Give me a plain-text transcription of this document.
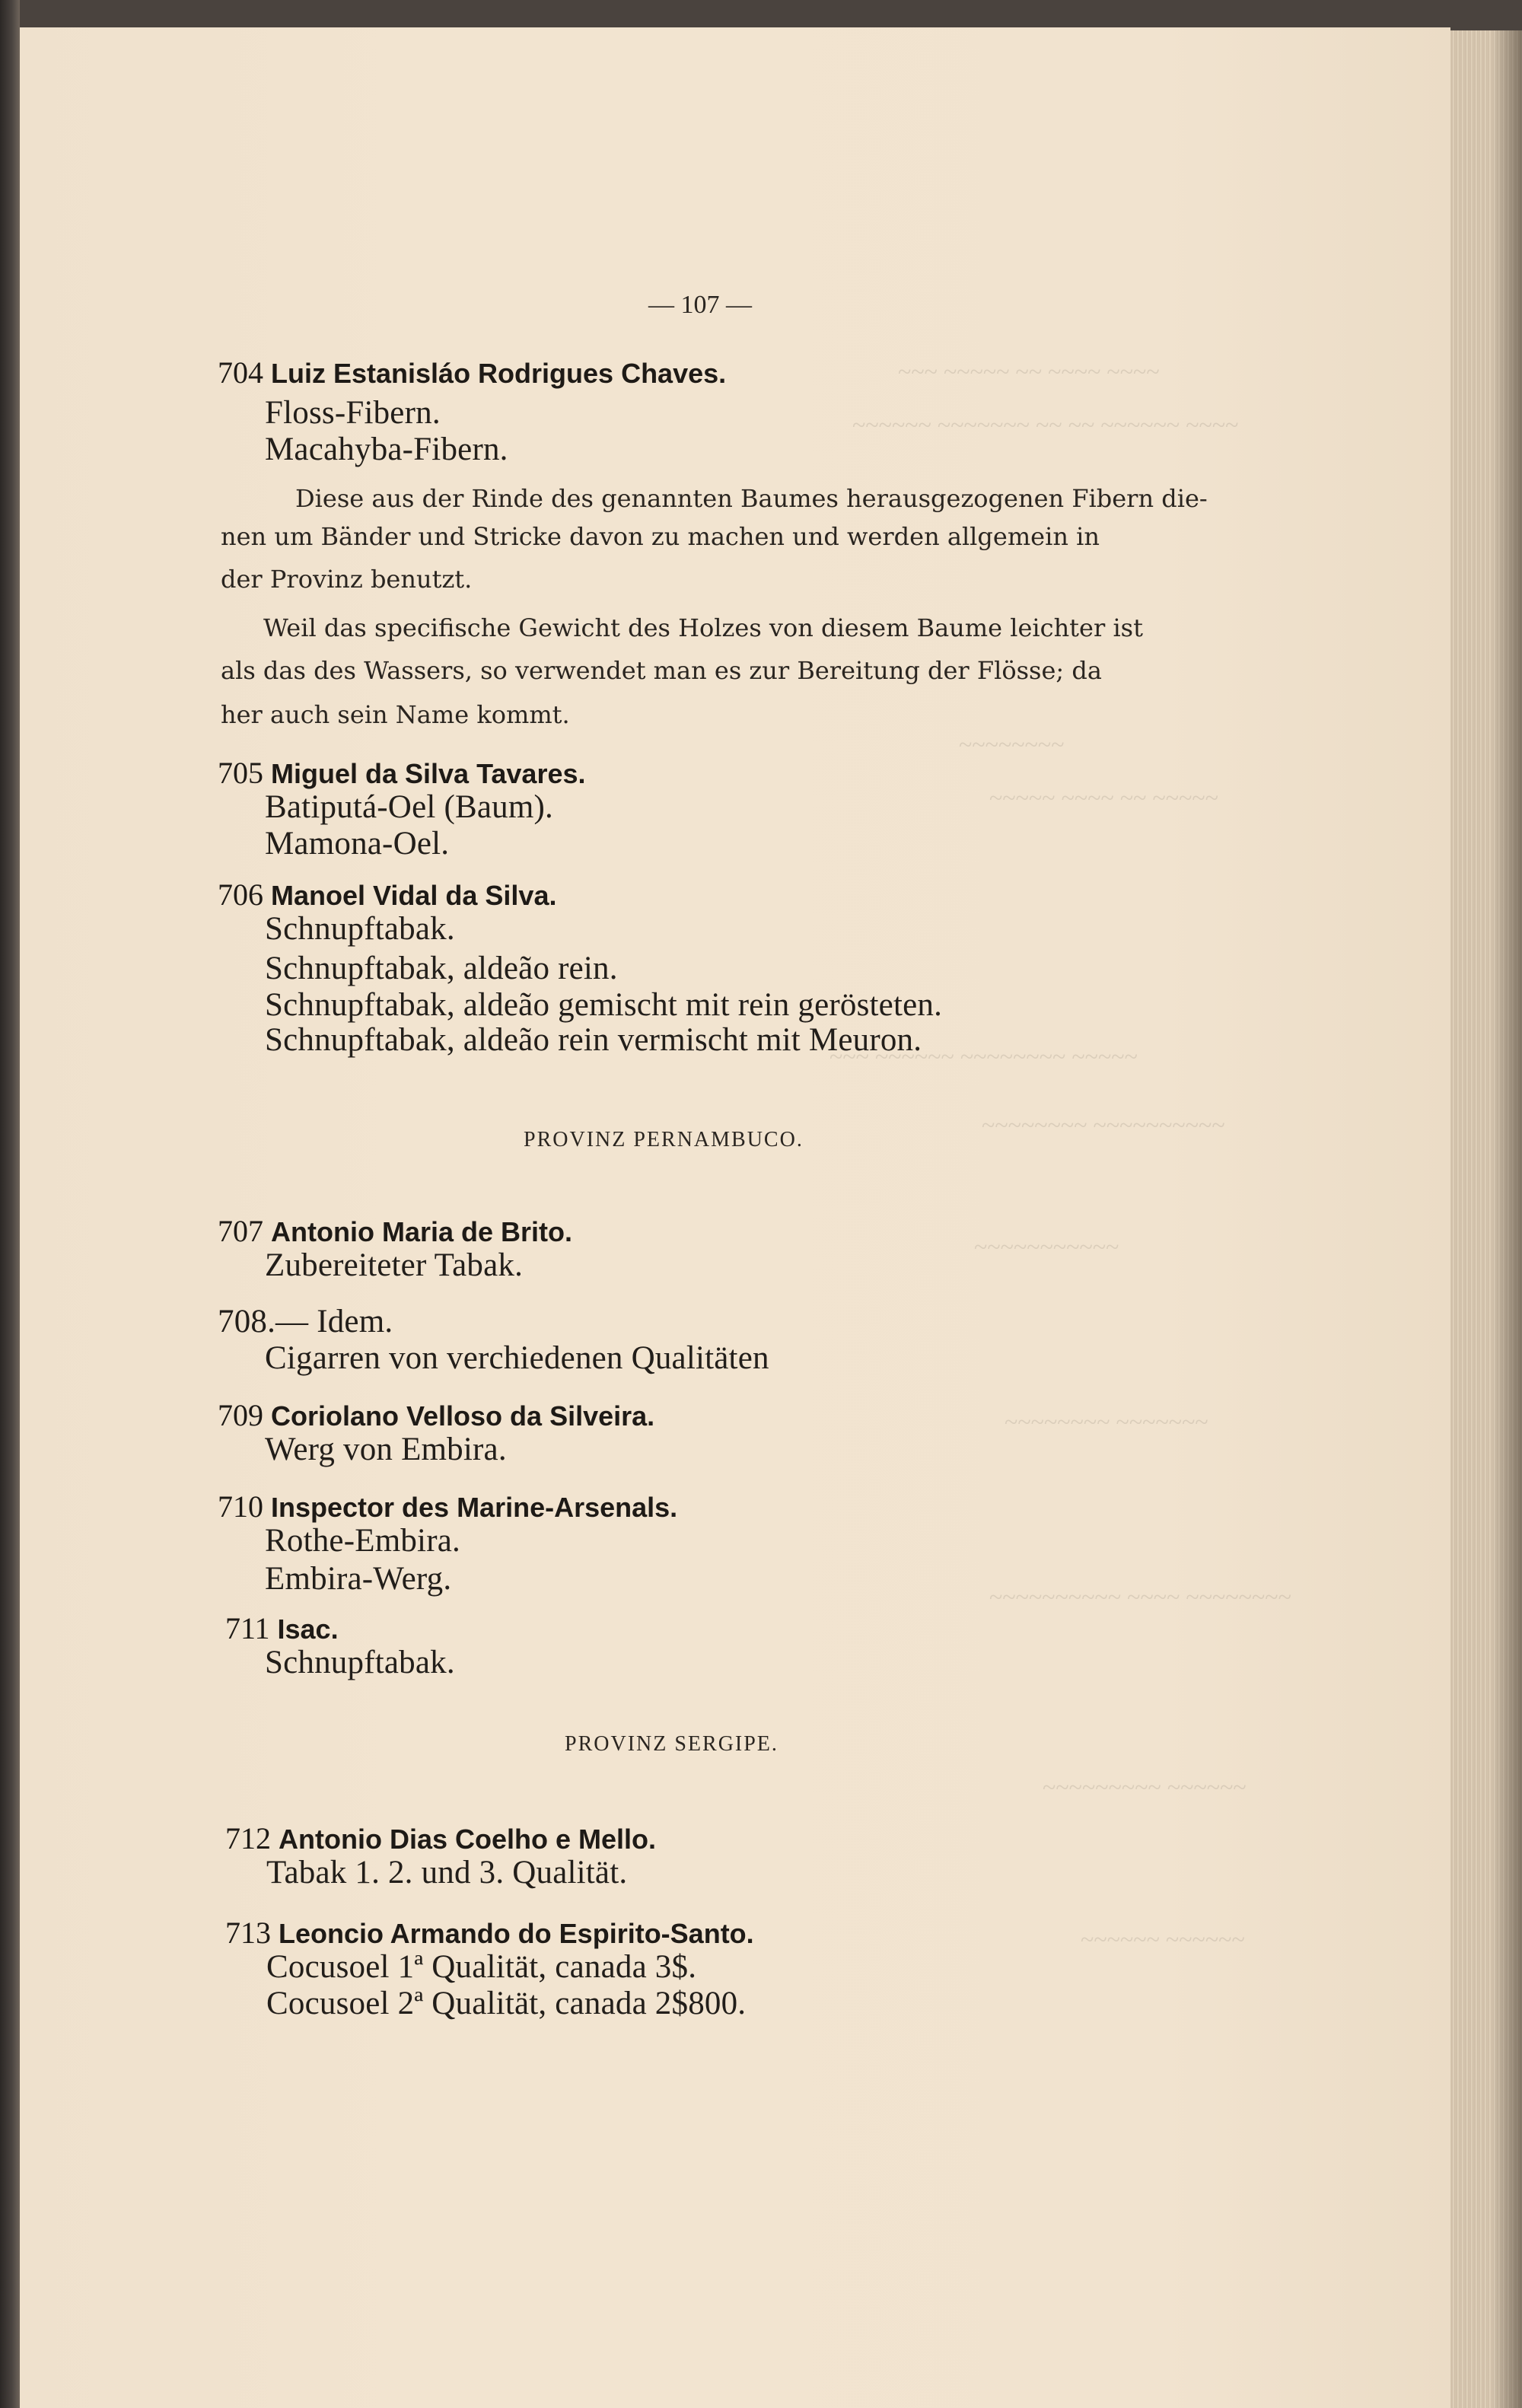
~~~ ~~~~~ ~~ ~~~~ ~~~~
~~~~~~ ~~~~~~~ ~~ ~~ ~~~~~~ ~~~~
~~~~~~~~
~~~~~ ~~~~ ~~ ~~~~~
~~~ ~~~~~~ ~~~~~~~~ ~~~~~
~~~~~~~~ ~~~~~~~~~~
~~~~~~~~~~~
~~~~~~~~ ~~~~~~~
~~~~~~~~~~ ~~~~ ~~~~~~~~
~~~~~~~~~ ~~~~~~
~~~~~~ ~~~~~~
— 107 —
704 Luiz Estanisláo Rodrigues Chaves.
Floss-Fibern.
Macahyba-Fibern.
Diese aus der Rinde des genannten Baumes herausgezogenen Fibern die-
nen um Bänder und Stricke davon zu machen und werden allgemein in
der Provinz benutzt.
Weil das specifische Gewicht des Holzes von diesem Baume leichter ist
als das des Wassers, so verwendet man es zur Bereitung der Flösse; da
her auch sein Name kommt.
705 Miguel da Silva Tavares.
Batiputá-Oel (Baum).
Mamona-Oel.
706 Manoel Vidal da Silva.
Schnupftabak.
Schnupftabak, aldeão rein.
Schnupftabak, aldeão gemischt mit rein gerösteten.
Schnupftabak, aldeão rein vermischt mit Meuron.
PROVINZ PERNAMBUCO.
707 Antonio Maria de Brito.
Zubereiteter Tabak.
708.— Idem.
Cigarren von verchiedenen Qualitäten
709 Coriolano Velloso da Silveira.
Werg von Embira.
710 Inspector des Marine-Arsenals.
Rothe-Embira.
Embira-Werg.
711 Isac.
Schnupftabak.
PROVINZ SERGIPE.
712 Antonio Dias Coelho e Mello.
Tabak 1. 2. und 3. Qualität.
713 Leoncio Armando do Espirito-Santo.
Cocusoel 1ª Qualität, canada 3$.
Cocusoel 2ª Qualität, canada 2$800.
